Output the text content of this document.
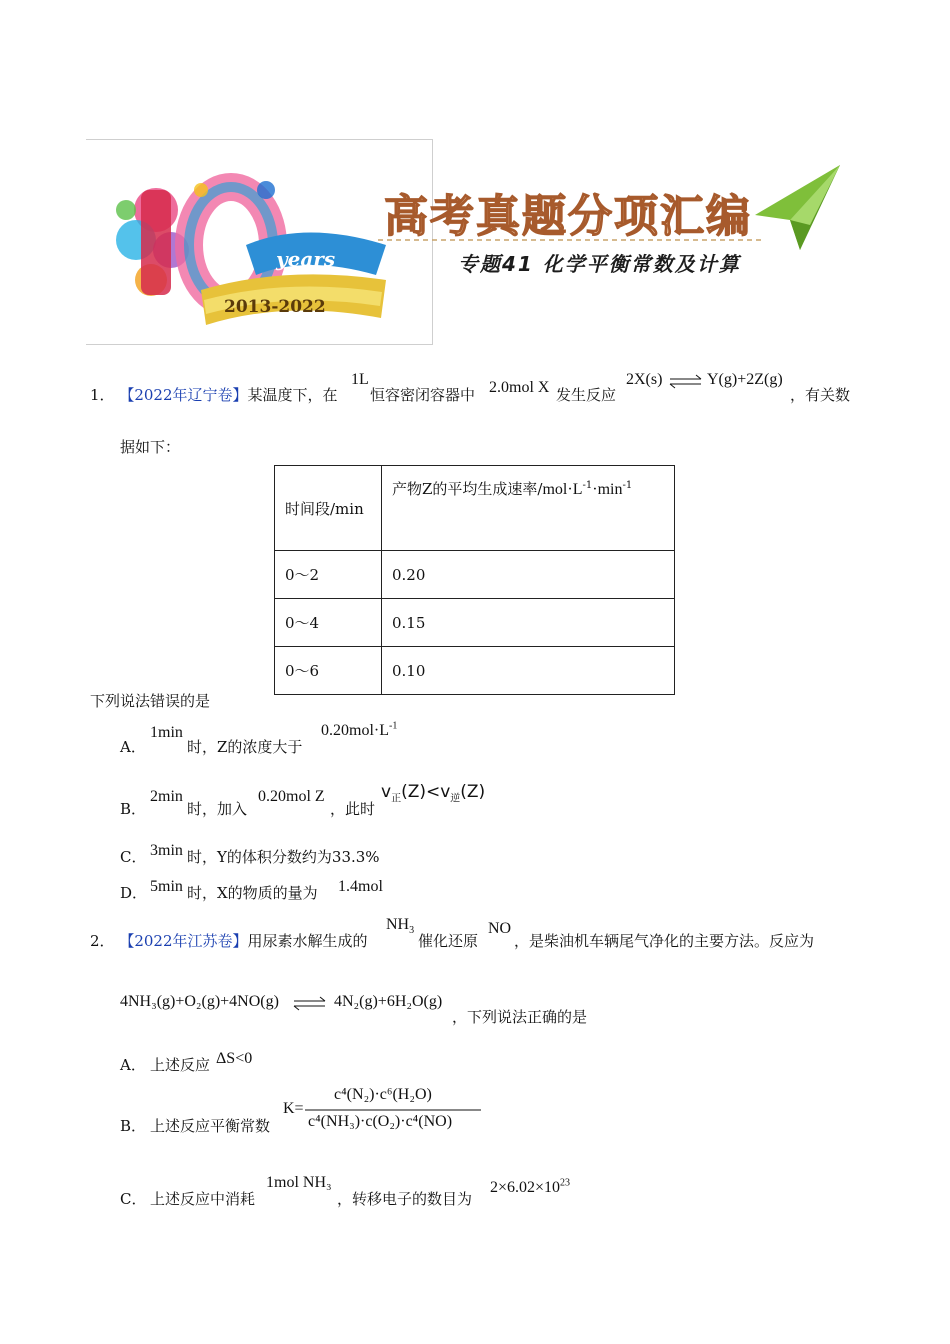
years
2013-2022
高考真题分项汇编
专题41 化学平衡常数及计算
1． 【2022年辽宁卷】某温度下，在
1L
恒容密闭容器中 2.0mol X 发生反应
2X(s) ⇌ Y(g)+2Z(g)
，有关数
据如下：
时间段/min	产物Z的平均生成速率$/mol\cdot L^{-1}\cdot\min^{-1}$
0～2	0.20
0～4	0.15
0～6	0.10
下列说法错误的是
A．
1min
时，Z的浓度大于
$0.20mol\cdot L^{-1}$
B．
2min
时，加入
0.20mol Z
，此时
$v_正(Z)<v_逆(Z)$
C． 3min 时，Y的体积分数约为33.3%
D． 5min 时，X的物质的量为 1.4mol
2． 【2022年江苏卷】用尿素水解生成的
$NH_3$
催化还原
NO
，是柴油机车辆尾气净化的主要方法。反应为
4NH₃(g)+O₂(g)+4NO(g) ⇌ 4N₂(g)+6H₂O(g)
，下列说法正确的是
A． 上述反应 ΔS<0
B． 上述反应平衡常数
K=
c⁴(N₂)·c⁶(H₂O)
c⁴(NH₃)·c(O₂)·c⁴(NO)
C． 上述反应中消耗
1mol NH₃
，转移电子的数目为
$2\times 6.02\times 10^{23}$
